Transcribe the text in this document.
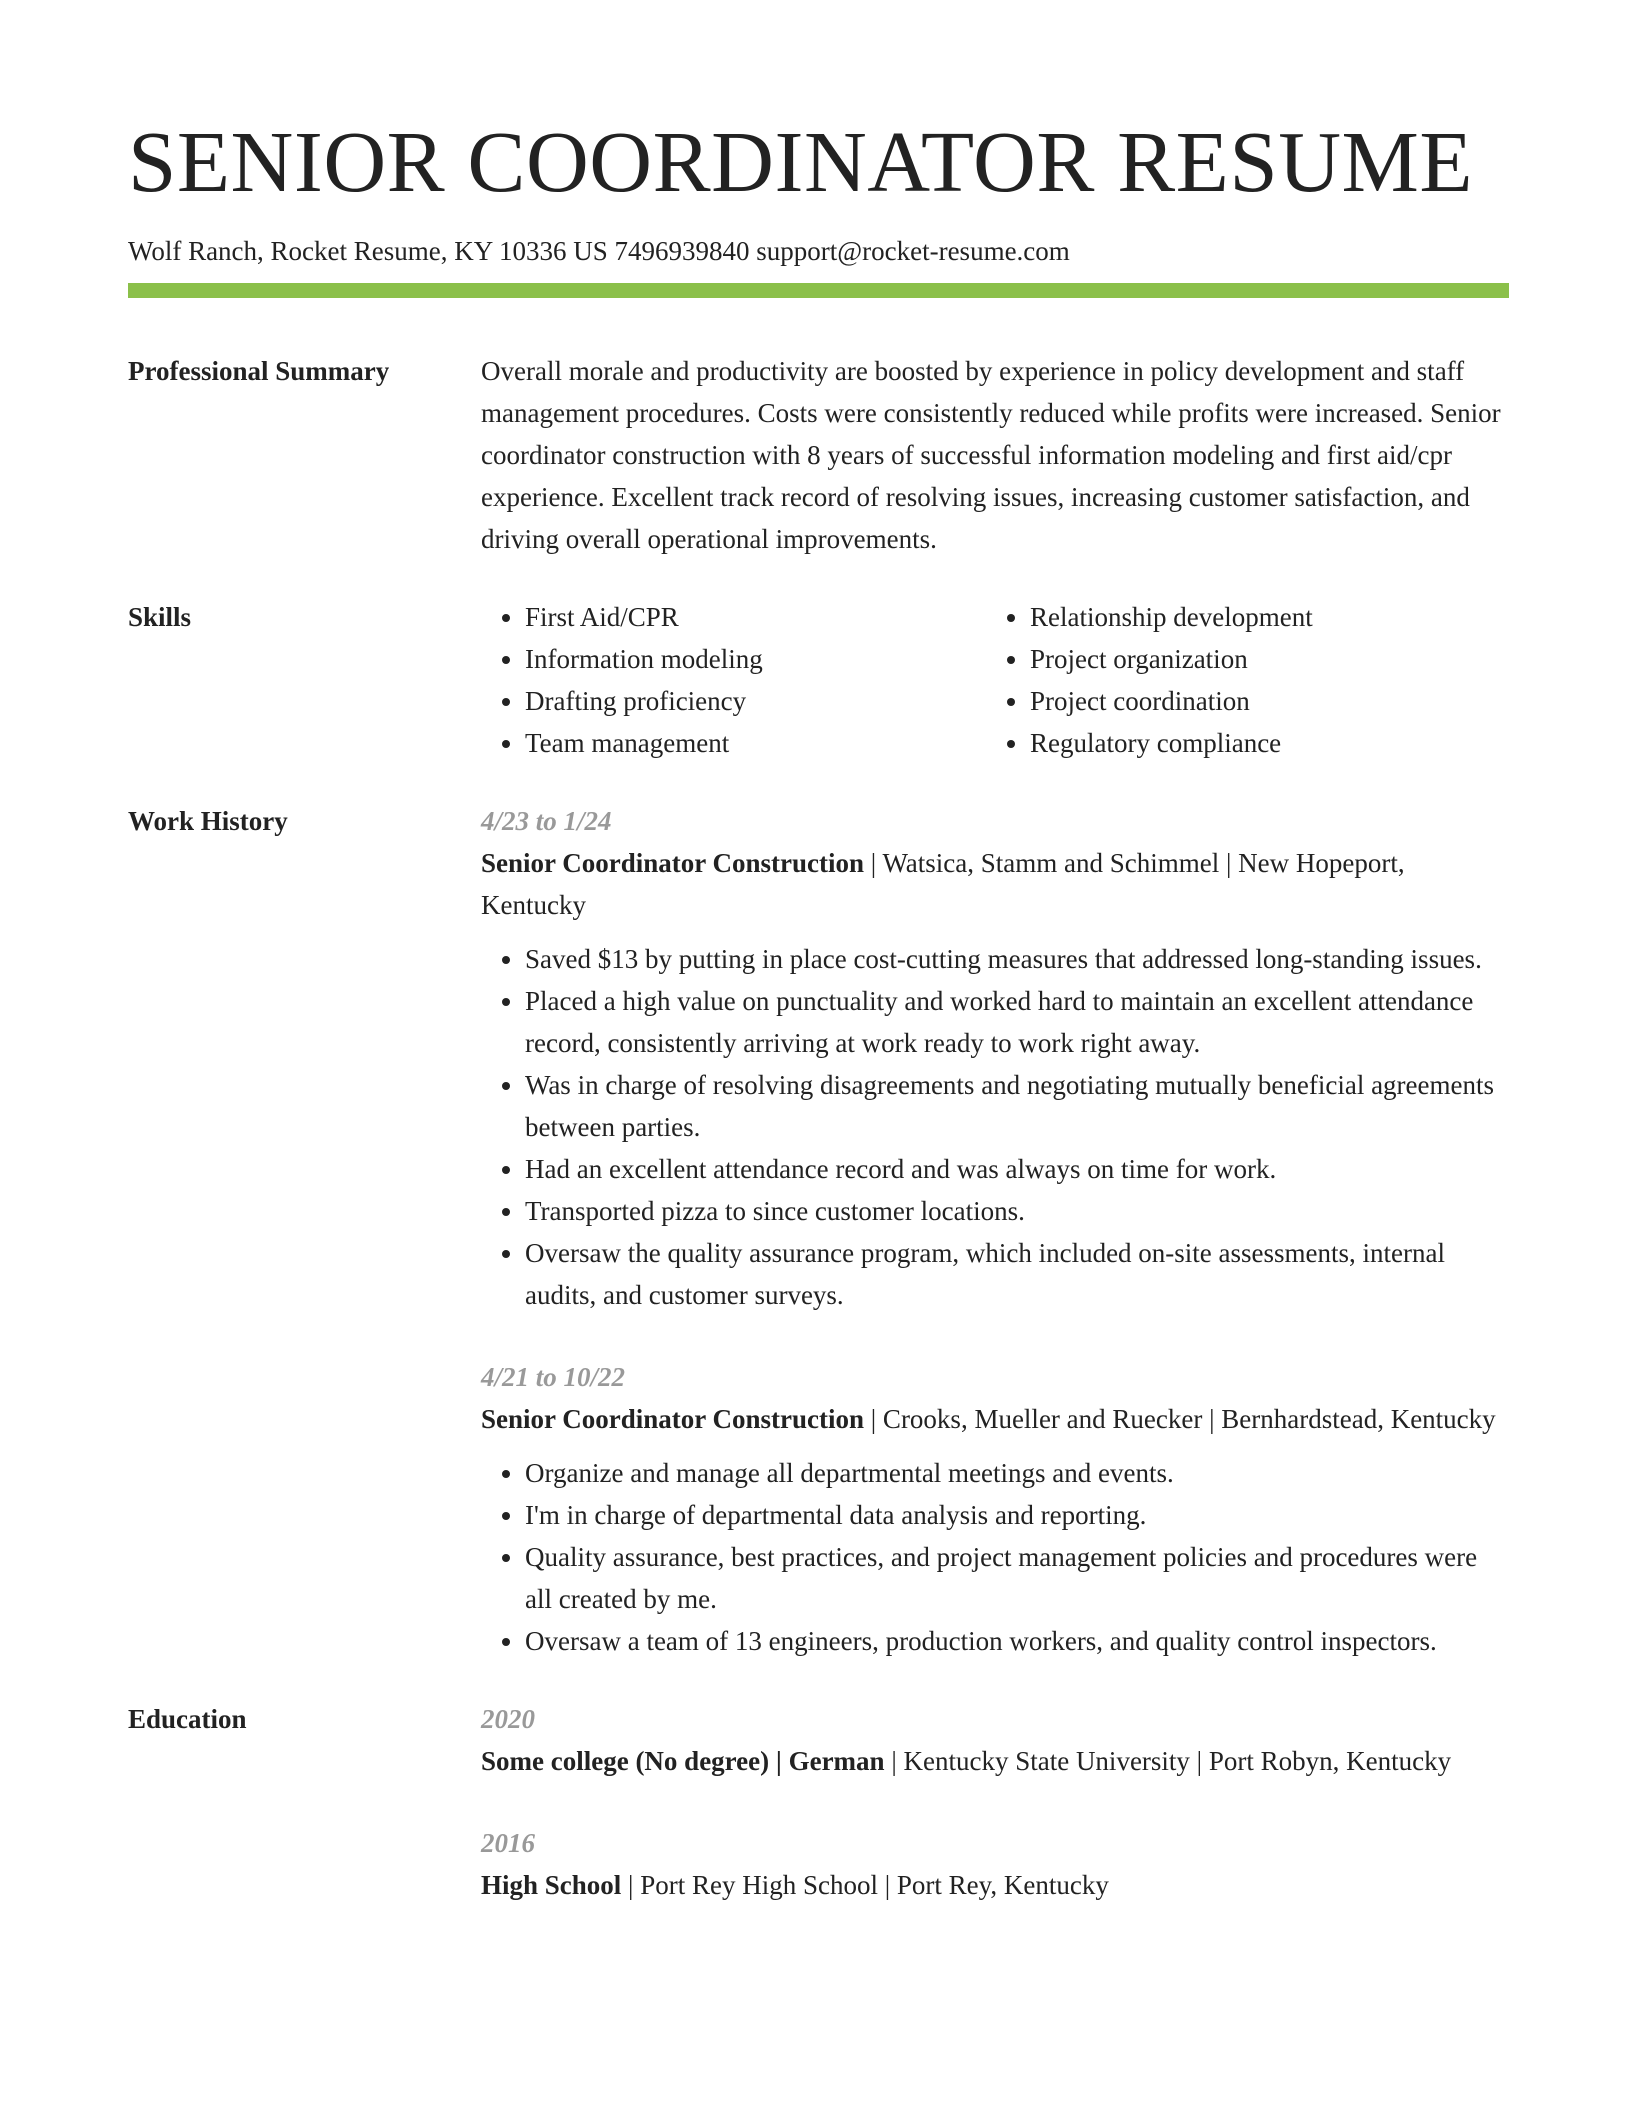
SENIOR COORDINATOR RESUME
Wolf Ranch, Rocket Resume, KY 10336 US 7496939840 support@rocket-resume.com
Professional Summary	Overall morale and productivity are boosted by experience in policy development and staff management procedures. Costs were consistently reduced while profits were increased. Senior coordinator construction with 8 years of successful information modeling and first aid/cpr experience. Excellent track record of resolving issues, increasing customer satisfaction, and driving overall operational improvements.

Skills
•	First Aid/CPR
• Information modeling
• Drafting proficiency
• Team management
• Relationship development
• Project organization
• Project coordination
• Regulatory compliance
Work History	4/23 to 1/24
Senior Coordinator Construction | Watsica, Stamm and Schimmel | New Hopeport, Kentucky
• Saved $13 by putting in place cost-cutting measures that addressed long-standing issues.
• Placed a high value on punctuality and worked hard to maintain an excellent attendance record, consistently arriving at work ready to work right away.
• Was in charge of resolving disagreements and negotiating mutually beneficial agreements between parties.
• Had an excellent attendance record and was always on time for work.
• Transported pizza to since customer locations.
• Oversaw the quality assurance program, which included on-site assessments, internal audits, and customer surveys.
4/21 to 10/22
Senior Coordinator Construction | Crooks, Mueller and Ruecker | Bernhardstead, Kentucky
• Organize and manage all departmental meetings and events.
• I'm in charge of departmental data analysis and reporting.
• Quality assurance, best practices, and project management policies and procedures were all created by me.
• Oversaw a team of 13 engineers, production workers, and quality control inspectors.
Education	2020
Some college (No degree) | German | Kentucky State University | Port Robyn, Kentucky
2016
High School | Port Rey High School | Port Rey, Kentucky
